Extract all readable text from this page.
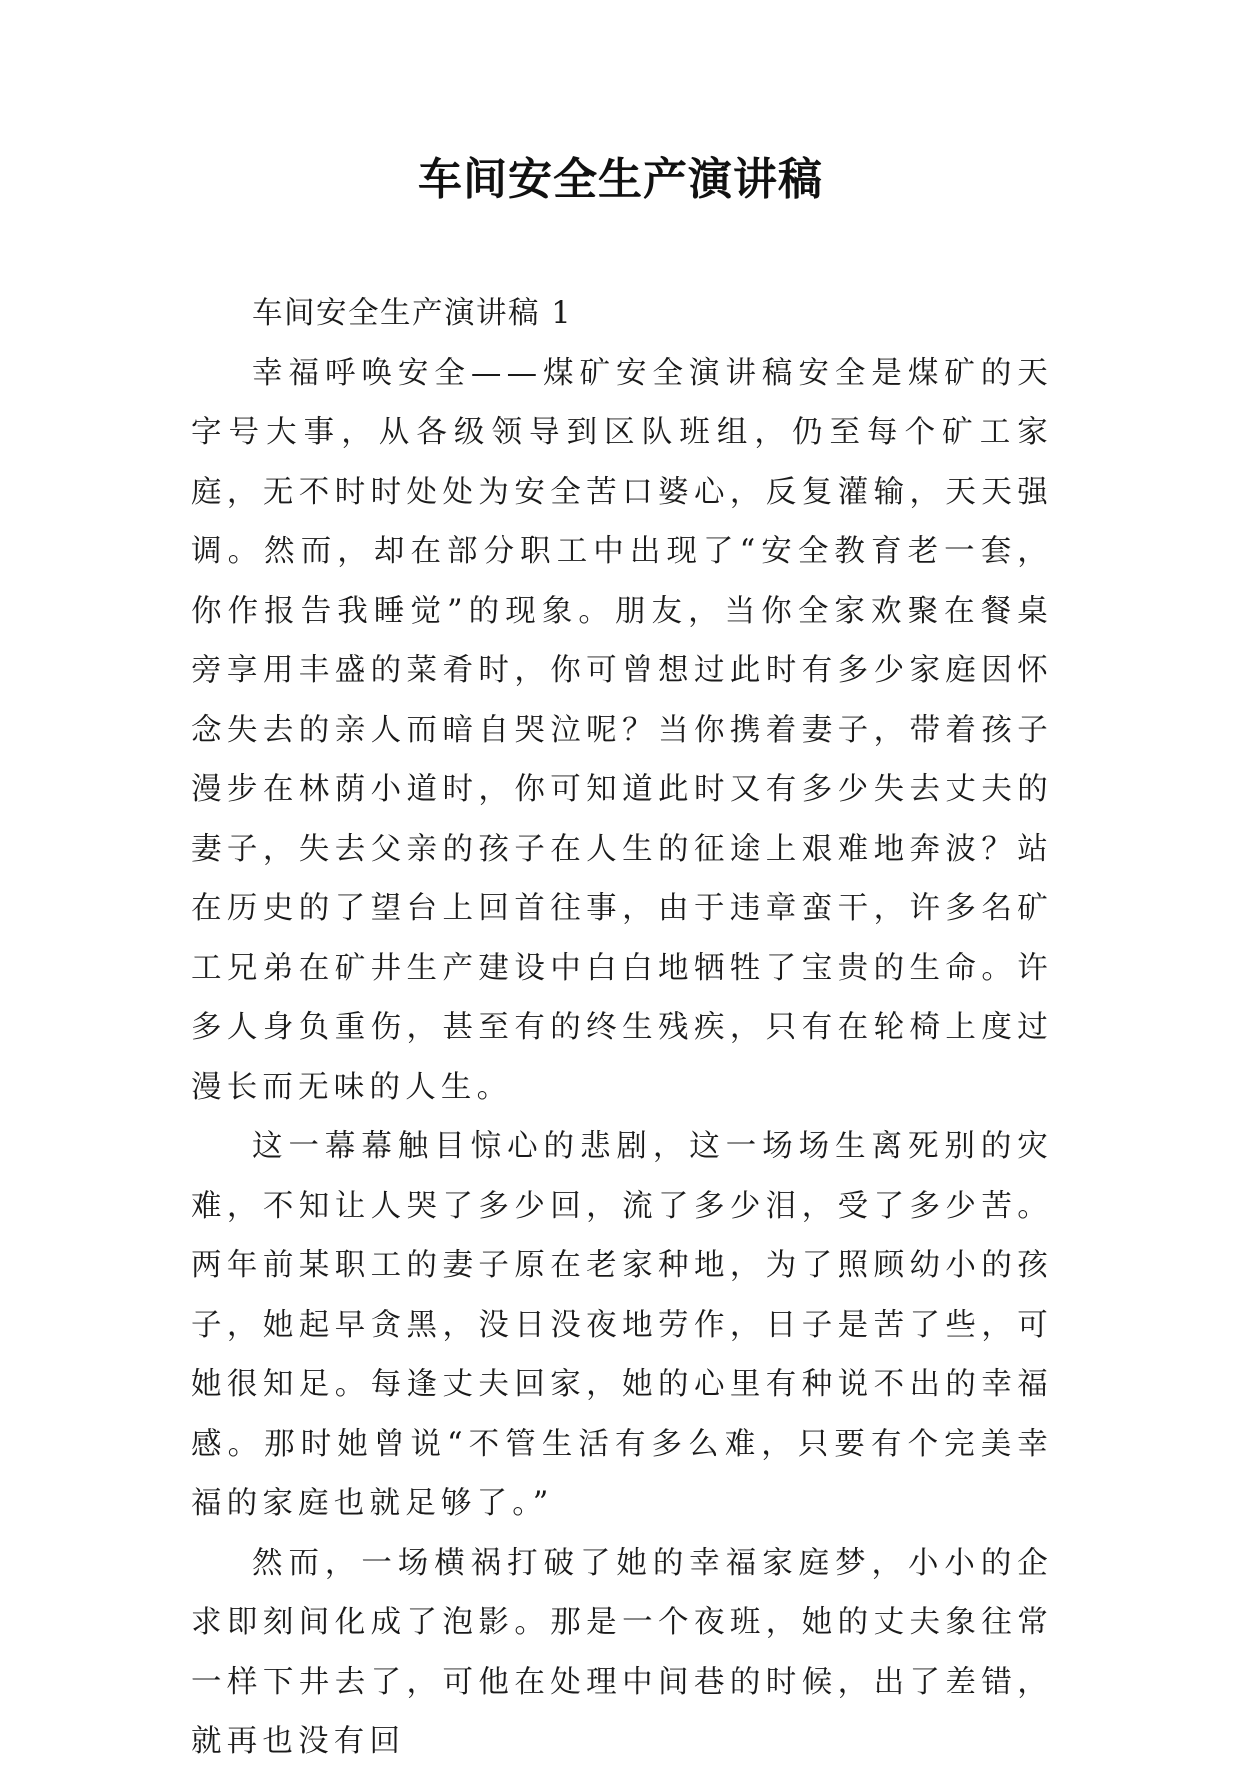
车间安全生产演讲稿

车间安全生产演讲稿 1

幸福呼唤安全——煤矿安全演讲稿安全是煤矿的天字号大事，从各级领导到区队班组，仍至每个矿工家庭，无不时时处处为安全苦口婆心，反复灌输，天天强调。然而，却在部分职工中出现了“安全教育老一套，你作报告我睡觉”的现象。朋友，当你全家欢聚在餐桌旁享用丰盛的菜肴时，你可曾想过此时有多少家庭因怀念失去的亲人而暗自哭泣呢？当你携着妻子，带着孩子漫步在林荫小道时，你可知道此时又有多少失去丈夫的妻子，失去父亲的孩子在人生的征途上艰难地奔波？站在历史的了望台上回首往事，由于违章蛮干，许多名矿工兄弟在矿井生产建设中白白地牺牲了宝贵的生命。许多人身负重伤，甚至有的终生残疾，只有在轮椅上度过漫长而无味的人生。

这一幕幕触目惊心的悲剧，这一场场生离死别的灾难，不知让人哭了多少回，流了多少泪，受了多少苦。两年前某职工的妻子原在老家种地，为了照顾幼小的孩子，她起早贪黑，没日没夜地劳作，日子是苦了些，可她很知足。每逢丈夫回家，她的心里有种说不出的幸福感。那时她曾说“不管生活有多么难，只要有个完美幸福的家庭也就足够了。”

然而，一场横祸打破了她的幸福家庭梦，小小的企求即刻间化成了泡影。那是一个夜班，她的丈夫象往常一样下井去了，可他在处理中间巷的时候，出了差错，就再也没有回
